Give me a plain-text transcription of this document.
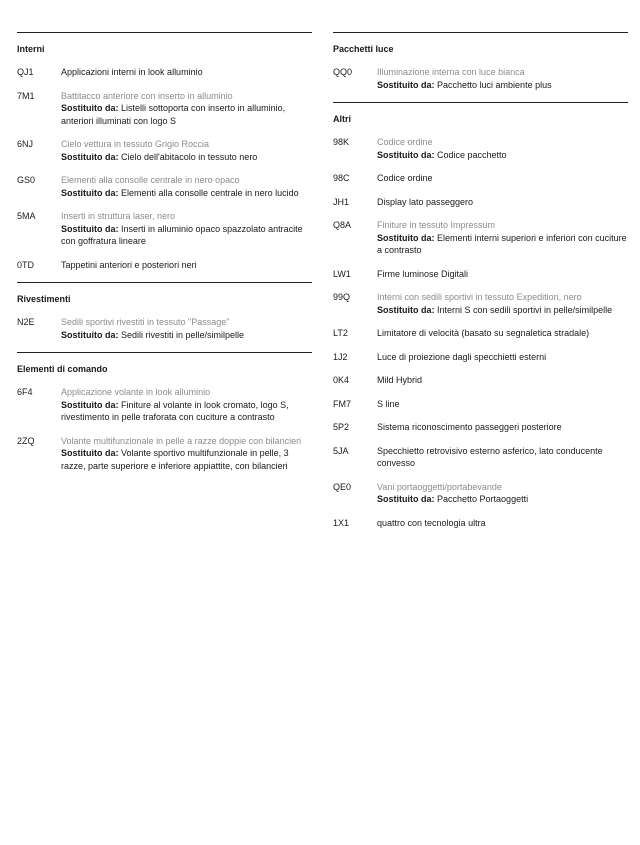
Interni
QJ1	Applicazioni interni in look alluminio
7M1	Battitacco anteriore con inserto in alluminio
Sostituito da: Listelli sottoporta con inserto in alluminio, anteriori illuminati con logo S
6NJ	Cielo vettura in tessuto Grigio Roccia
Sostituito da: Cielo dell'abitacolo in tessuto nero
GS0	Elementi alla consolle centrale in nero opaco
Sostituito da: Elementi alla consolle centrale in nero lucido
5MA	Inserti in struttura laser, nero
Sostituito da: Inserti in alluminio opaco spazzolato antracite con goffratura lineare
0TD	Tappetini anteriori e posteriori neri
Rivestimenti
N2E	Sedili sportivi rivestiti in tessuto "Passage"
Sostituito da: Sedili rivestiti in pelle/similpelle
Elementi di comando
6F4	Applicazione volante in look alluminio
Sostituito da: Finiture al volante in look cromato, logo S, rivestimento in pelle traforata con cuciture a contrasto
2ZQ	Volante multifunzionale in pelle a razze doppie con bilancieri
Sostituito da: Volante sportivo multifunzionale in pelle, 3 razze, parte superiore e inferiore appiattite, con bilancieri
Pacchetti luce
QQ0	Illuminazione interna con luce bianca
Sostituito da: Pacchetto luci ambiente plus
Altri
98K	Codice ordine
Sostituito da: Codice pacchetto
98C	Codice ordine
JH1	Display lato passeggero
Q8A	Finiture in tessuto Impressum
Sostituito da: Elementi interni superiori e inferiori con cuciture a contrasto
LW1	Firme luminose Digitali
99Q	Interni con sedili sportivi in tessuto Expedition, nero
Sostituito da: Interni S con sedili sportivi in pelle/similpelle
LT2	Limitatore di velocità (basato su segnaletica stradale)
1J2	Luce di proiezione dagli specchietti esterni
0K4	Mild Hybrid
FM7	S line
5P2	Sistema riconoscimento passeggeri posteriore
5JA	Specchietto retrovisivo esterno asferico, lato conducente convesso
QE0	Vani portaoggetti/portabevande
Sostituito da: Pacchetto Portaoggetti
1X1	quattro con tecnologia ultra
